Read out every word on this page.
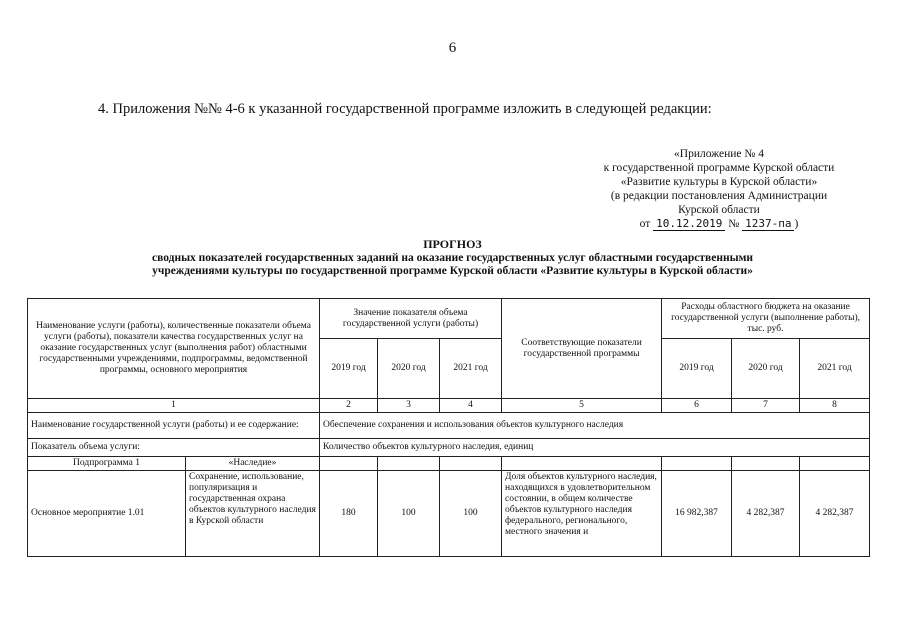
6
4. Приложения №№ 4-6 к указанной государственной программе изложить в следующей редакции:
«Приложение № 4
к государственной программе Курской области
«Развитие культуры в Курской области»
(в редакции постановления Администрации
Курской области
от 10.12.2019 № 1237-па )
ПРОГНОЗ
сводных показателей государственных заданий на оказание государственных услуг областными государственными
учреждениями культуры по государственной программе Курской области «Развитие культуры в Курской области»
Наименование услуги (работы), количественные показатели объема услуги (работы), показатели качества государственных услуг на оказание государственных услуг (выполнения работ) областными государственными учреждениями, подпрограммы, ведомственной программы, основного мероприятия		Значение показателя объема государственной услуги (работы)			Соответствующие показатели государственной программы	Расходы областного бюджета на оказание государственной услуги (выполнение работы), тыс. руб.		
		2019 год	2020 год	2021 год		2019 год	2020 год	2021 год
1		2	3	4	5	6	7	8
Наименование государственной услуги (работы) и ее содержание:		Обеспечение сохранения и использования объектов культурного наследия						
Показатель объема услуги:		Количество объектов культурного наследия, единиц						
Подпрограмма 1	«Наследие»							
Основное мероприятие 1.01	Сохранение, использование, популяризация и государственная охрана объектов культурного наследия в Курской области	180	100	100	Доля объектов культурного наследия, находящихся в удовлетворительном состоянии, в общем количестве объектов культурного наследия федерального, регионального, местного значения и	16 982,387	4 282,387	4 282,387
